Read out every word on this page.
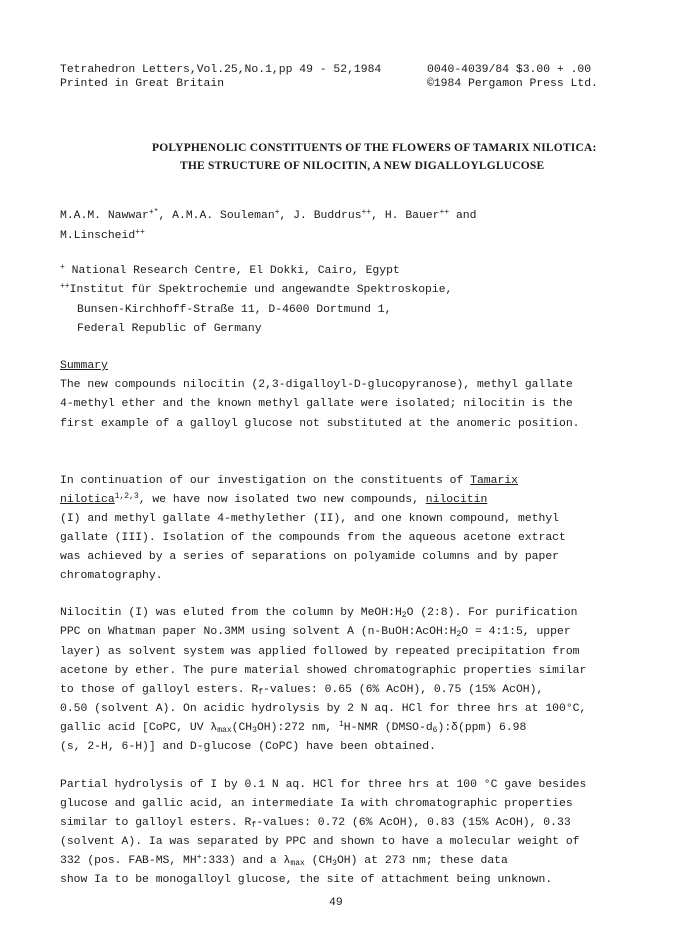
Tetrahedron Letters,Vol.25,No.1,pp 49 - 52,1984
Printed in Great Britain
0040-4039/84 $3.00 + .00
©1984 Pergamon Press Ltd.
POLYPHENOLIC CONSTITUENTS OF THE FLOWERS OF TAMARIX NILOTICA:
THE STRUCTURE OF NILOCITIN, A NEW DIGALLOYLGLUCOSE
M.A.M. Nawwar+*, A.M.A. Souleman+, J. Buddrus++, H. Bauer++ and
M.Linscheid++
+ National Research Centre, El Dokki, Cairo, Egypt
++Institut für Spektrochemie und angewandte Spektroskopie,
Bunsen-Kirchhoff-Straße 11, D-4600 Dortmund 1,
Federal Republic of Germany
Summary
The new compounds nilocitin (2,3-digalloyl-D-glucopyranose), methyl gallate
4-methyl ether and the known methyl gallate were isolated; nilocitin is the
first example of a galloyl glucose not substituted at the anomeric position.
In continuation of our investigation on the constituents of Tamarix
nilotica$^{1,2,3}$, we have now isolated two new compounds, nilocitin
(I) and methyl gallate 4-methylether (II), and one known compound, methyl
gallate (III). Isolation of the compounds from the aqueous acetone extract
was achieved by a series of separations on polyamide columns and by paper
chromatography.
Nilocitin (I) was eluted from the column by $MeOH:H_2O$ (2:8). For purification
PPC on Whatman paper No.3MM using solvent A ($n-BuOH:AcOH:H_2O$ = 4:1:5, upper
layer) as solvent system was applied followed by repeated precipitation from
acetone by ether. The pure material showed chromatographic properties similar
to those of galloyl esters. $R_f$-values: 0.65 (6% AcOH), 0.75 (15% AcOH),
0.50 (solvent A). On acidic hydrolysis by 2 N aq. HCl for three hrs at 100°C,
gallic acid [CoPC, UV $\lambda_{max}(CH_3OH):272$ nm, $^1$H-NMR $(DMSO-d_6):\delta(ppm)$ 6.98
(s, 2-H, 6-H)] and D-glucose (CoPC) have been obtained.
Partial hydrolysis of I by 0.1 N aq. HCl for three hrs at 100 °C gave besides
glucose and gallic acid, an intermediate Ia with chromatographic properties
similar to galloyl esters. $R_f$-values: 0.72 (6% AcOH), 0.83 (15% AcOH), 0.33
(solvent A). Ia was separated by PPC and shown to have a molecular weight of
332 (pos. FAB-MS, MH+:333) and a $\lambda_{max}$ $(CH_3OH)$ at 273 nm; these data
show Ia to be monogalloyl glucose, the site of attachment being unknown.
49
